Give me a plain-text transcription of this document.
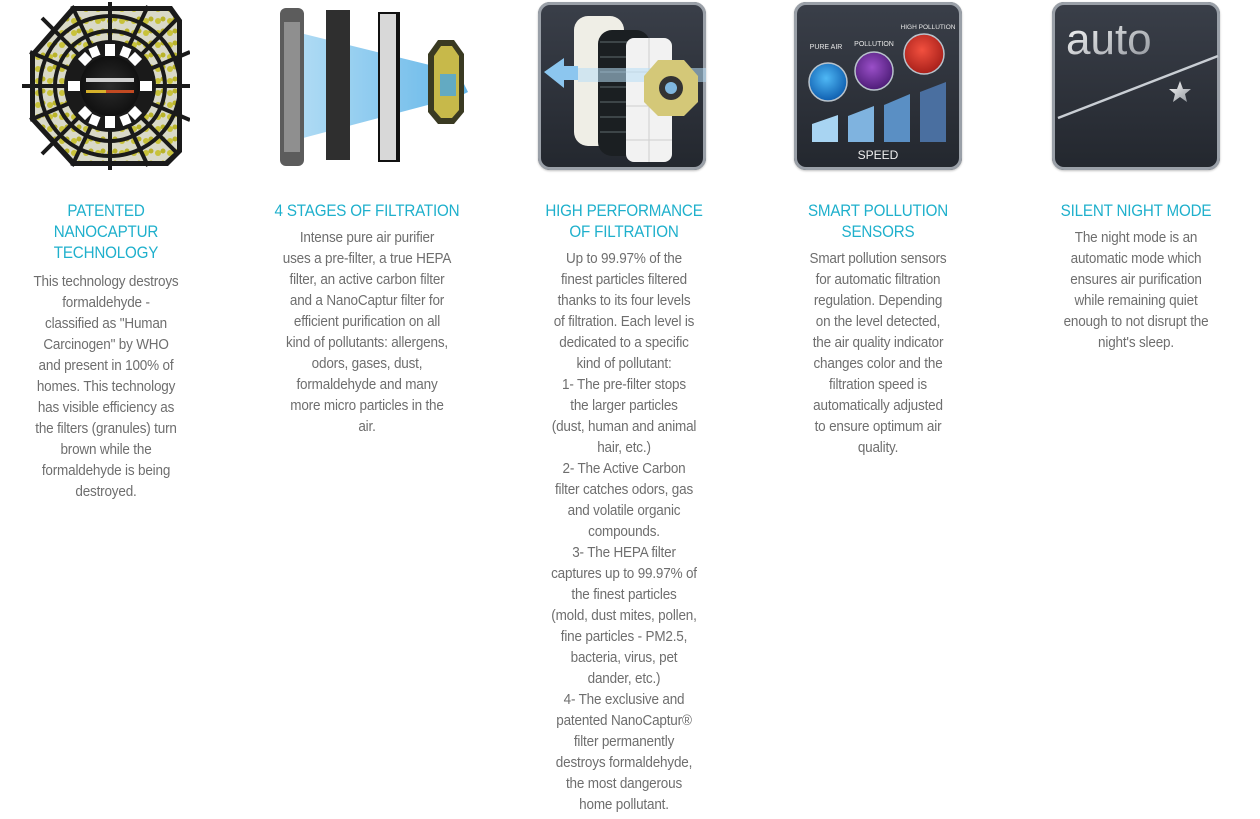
PATENTED
NANOCAPTUR
TECHNOLOGY
This technology destroys
formaldehyde -
classified as "Human
Carcinogen" by WHO
and present in 100% of
homes. This technology
has visible efficiency as
the filters (granules) turn
brown while the
formaldehyde is being
destroyed.
4 STAGES OF FILTRATION
Intense pure air purifier
uses a pre-filter, a true HEPA
filter, an active carbon filter
and a NanoCaptur filter for
efficient purification on all
kind of pollutants: allergens,
odors, gases, dust,
formaldehyde and many
more micro particles in the
air.
HIGH PERFORMANCE
OF FILTRATION
Up to 99.97% of the
finest particles filtered
thanks to its four levels
of filtration. Each level is
dedicated to a specific
kind of pollutant:
1- The pre-filter stops
the larger particles
(dust, human and animal
hair, etc.)
2- The Active Carbon
filter catches odors, gas
and volatile organic
compounds.
3- The HEPA filter
captures up to 99.97% of
the finest particles
(mold, dust mites, pollen,
fine particles - PM2.5,
bacteria, virus, pet
dander, etc.)
4- The exclusive and
patented NanoCaptur®
filter permanently
destroys formaldehyde,
the most dangerous
home pollutant.
PURE AIR POLLUTION
HIGH POLLUTION
SPEED
SMART POLLUTION
SENSORS
Smart pollution sensors
for automatic filtration
regulation. Depending
on the level detected,
the air quality indicator
changes color and the
filtration speed is
automatically adjusted
to ensure optimum air
quality.
auto
SILENT NIGHT MODE
The night mode is an
automatic mode which
ensures air purification
while remaining quiet
enough to not disrupt the
night's sleep.
